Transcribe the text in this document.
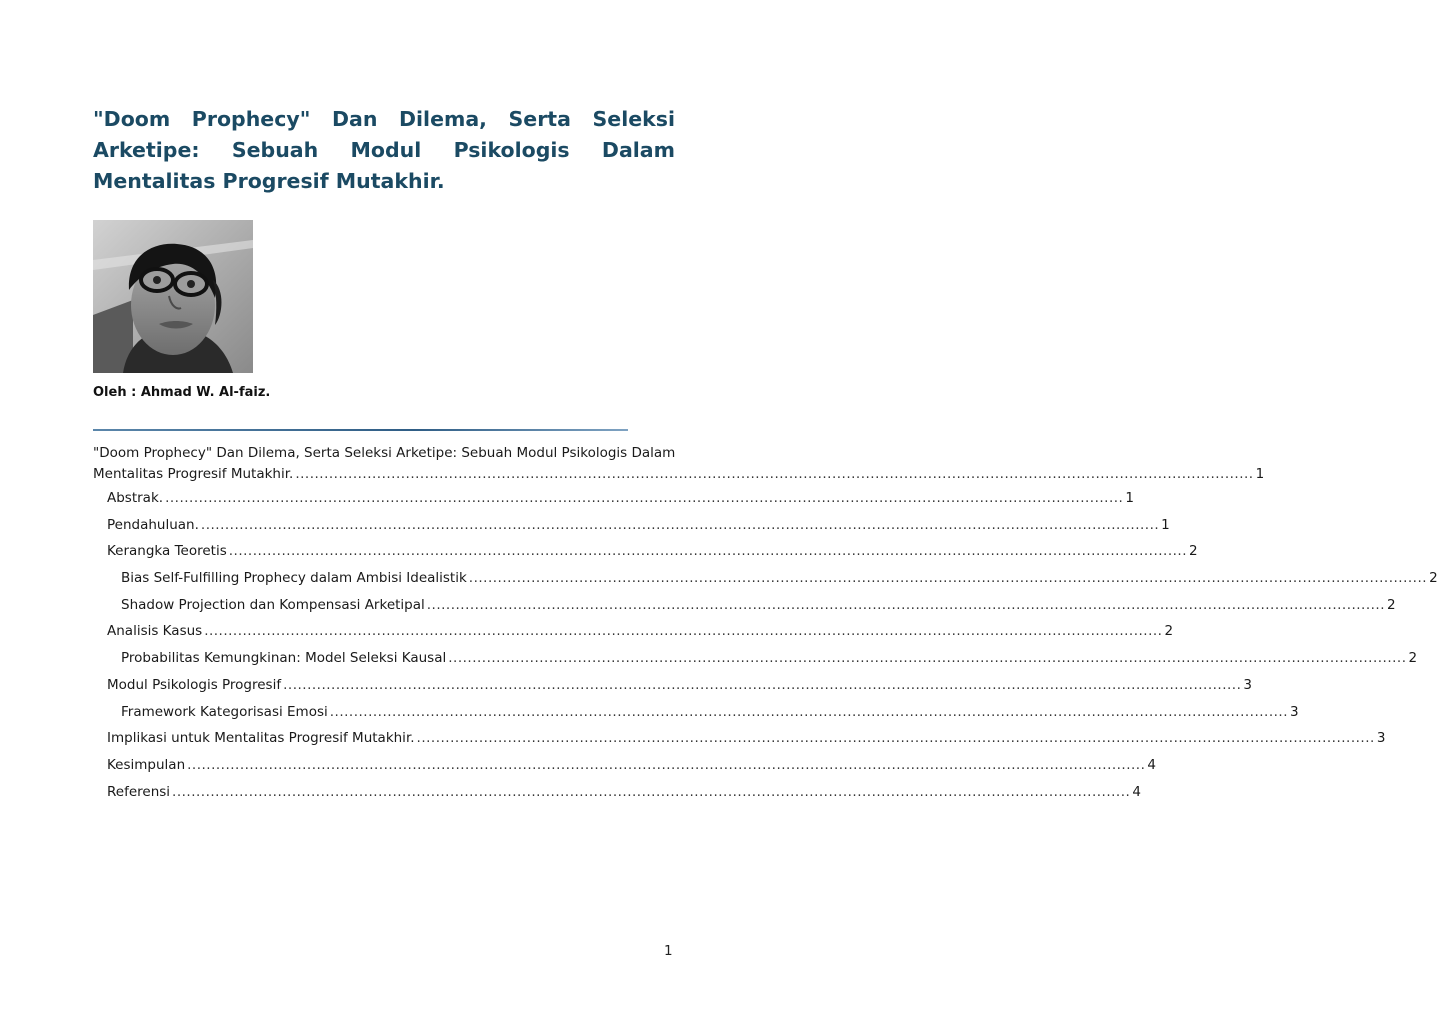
"Doom Prophecy" Dan Dilema, Serta Seleksi Arketipe: Sebuah Modul Psikologis Dalam Mentalitas Progresif Mutakhir.

Oleh : Ahmad W. Al-faiz.

"Doom Prophecy" Dan Dilema, Serta Seleksi Arketipe: Sebuah Modul Psikologis Dalam
Mentalitas Progresif Mutakhir. ........................................................................................................................................................................................................ 1
Abstrak. ........................................................................................................................................................................................................ 1
Pendahuluan. ........................................................................................................................................................................................................ 1
Kerangka Teoretis ........................................................................................................................................................................................................ 2
Bias Self-Fulfilling Prophecy dalam Ambisi Idealistik ........................................................................................................................................................................................................ 2
Shadow Projection dan Kompensasi Arketipal ........................................................................................................................................................................................................ 2
Analisis Kasus ........................................................................................................................................................................................................ 2
Probabilitas Kemungkinan: Model Seleksi Kausal ........................................................................................................................................................................................................ 2
Modul Psikologis Progresif ........................................................................................................................................................................................................ 3
Framework Kategorisasi Emosi ........................................................................................................................................................................................................ 3
Implikasi untuk Mentalitas Progresif Mutakhir. ........................................................................................................................................................................................................ 3
Kesimpulan ........................................................................................................................................................................................................ 4
Referensi ........................................................................................................................................................................................................ 4
1
